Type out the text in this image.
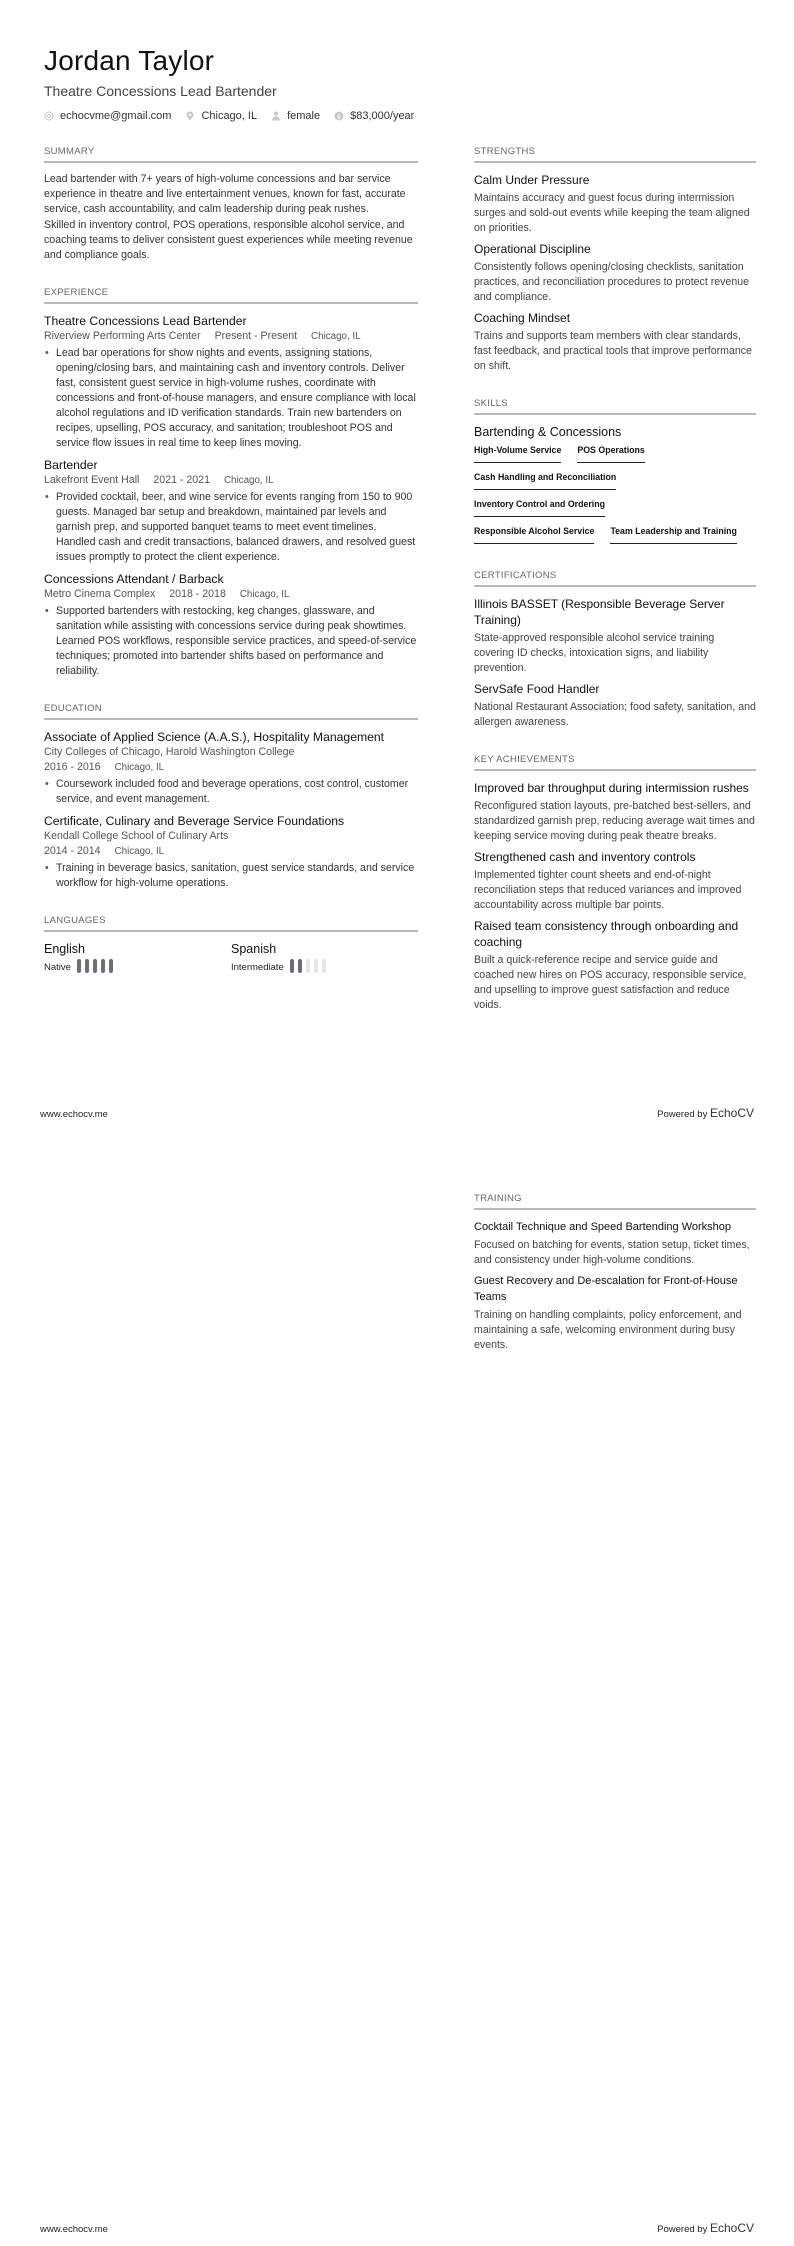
Jordan Taylor
Theatre Concessions Lead Bartender
echocvme@gmail.com	Chicago, IL	female	$ $83,000/year
SUMMARY

Lead bartender with 7+ years of high-volume concessions and bar service experience in theatre and live entertainment venues, known for fast, accurate service, cash accountability, and calm leadership during peak rushes.

Skilled in inventory control, POS operations, responsible alcohol service, and coaching teams to deliver consistent guest experiences while meeting revenue and compliance goals.

EXPERIENCE
Theatre Concessions Lead Bartender
Riverview Performing Arts Center Present - Present Chicago, IL
• Lead bar operations for show nights and events, assigning stations, opening/closing bars, and maintaining cash and inventory controls. Deliver fast, consistent guest service in high-volume rushes, coordinate with concessions and front-of-house managers, and ensure compliance with local alcohol regulations and ID verification standards. Train new bartenders on recipes, upselling, POS accuracy, and sanitation; troubleshoot POS and service flow issues in real time to keep lines moving.
Bartender
Lakefront Event Hall 2021 - 2021 Chicago, IL
• Provided cocktail, beer, and wine service for events ranging from 150 to 900 guests. Managed bar setup and breakdown, maintained par levels and garnish prep, and supported banquet teams to meet event timelines. Handled cash and credit transactions, balanced drawers, and resolved guest issues promptly to protect the client experience.
Concessions Attendant / Barback
Metro Cinema Complex 2018 - 2018 Chicago, IL
• Supported bartenders with restocking, keg changes, glassware, and sanitation while assisting with concessions service during peak showtimes. Learned POS workflows, responsible service practices, and speed-of-service techniques; promoted into bartender shifts based on performance and reliability.
EDUCATION
Associate of Applied Science (A.A.S.), Hospitality Management
City Colleges of Chicago, Harold Washington College
2016 - 2016 Chicago, IL
• Coursework included food and beverage operations, cost control, customer service, and event management.
Certificate, Culinary and Beverage Service Foundations
Kendall College School of Culinary Arts
2014 - 2014 Chicago, IL
• Training in beverage basics, sanitation, guest service standards, and service workflow for high-volume operations.
LANGUAGES
English
Native
Spanish
Intermediate
STRENGTHS
Calm Under Pressure
Maintains accuracy and guest focus during intermission surges and sold-out events while keeping the team aligned on priorities.
Operational Discipline
Consistently follows opening/closing checklists, sanitation practices, and reconciliation procedures to protect revenue and compliance.
Coaching Mindset
Trains and supports team members with clear standards, fast feedback, and practical tools that improve performance on shift.
SKILLS
Bartending & Concessions
High-Volume Service POS Operations
Cash Handling and Reconciliation
Inventory Control and Ordering
Responsible Alcohol Service Team Leadership and Training
CERTIFICATIONS
Illinois BASSET (Responsible Beverage Server Training)
State-approved responsible alcohol service training covering ID checks, intoxication signs, and liability prevention.
ServSafe Food Handler
National Restaurant Association; food safety, sanitation, and allergen awareness.
KEY ACHIEVEMENTS
Improved bar throughput during intermission rushes
Reconfigured station layouts, pre-batched best-sellers, and standardized garnish prep, reducing average wait times and keeping service moving during peak theatre breaks.
Strengthened cash and inventory controls
Implemented tighter count sheets and end-of-night reconciliation steps that reduced variances and improved accountability across multiple bar points.
Raised team consistency through onboarding and coaching
Built a quick-reference recipe and service guide and coached new hires on POS accuracy, responsible service, and upselling to improve guest satisfaction and reduce voids.
www.echocv.me	Powered by EchoCV
TRAINING
Cocktail Technique and Speed Bartending Workshop
Focused on batching for events, station setup, ticket times, and consistency under high-volume conditions.
Guest Recovery and De-escalation for Front-of-House Teams
Training on handling complaints, policy enforcement, and maintaining a safe, welcoming environment during busy events.
www.echocv.me	Powered by EchoCV
